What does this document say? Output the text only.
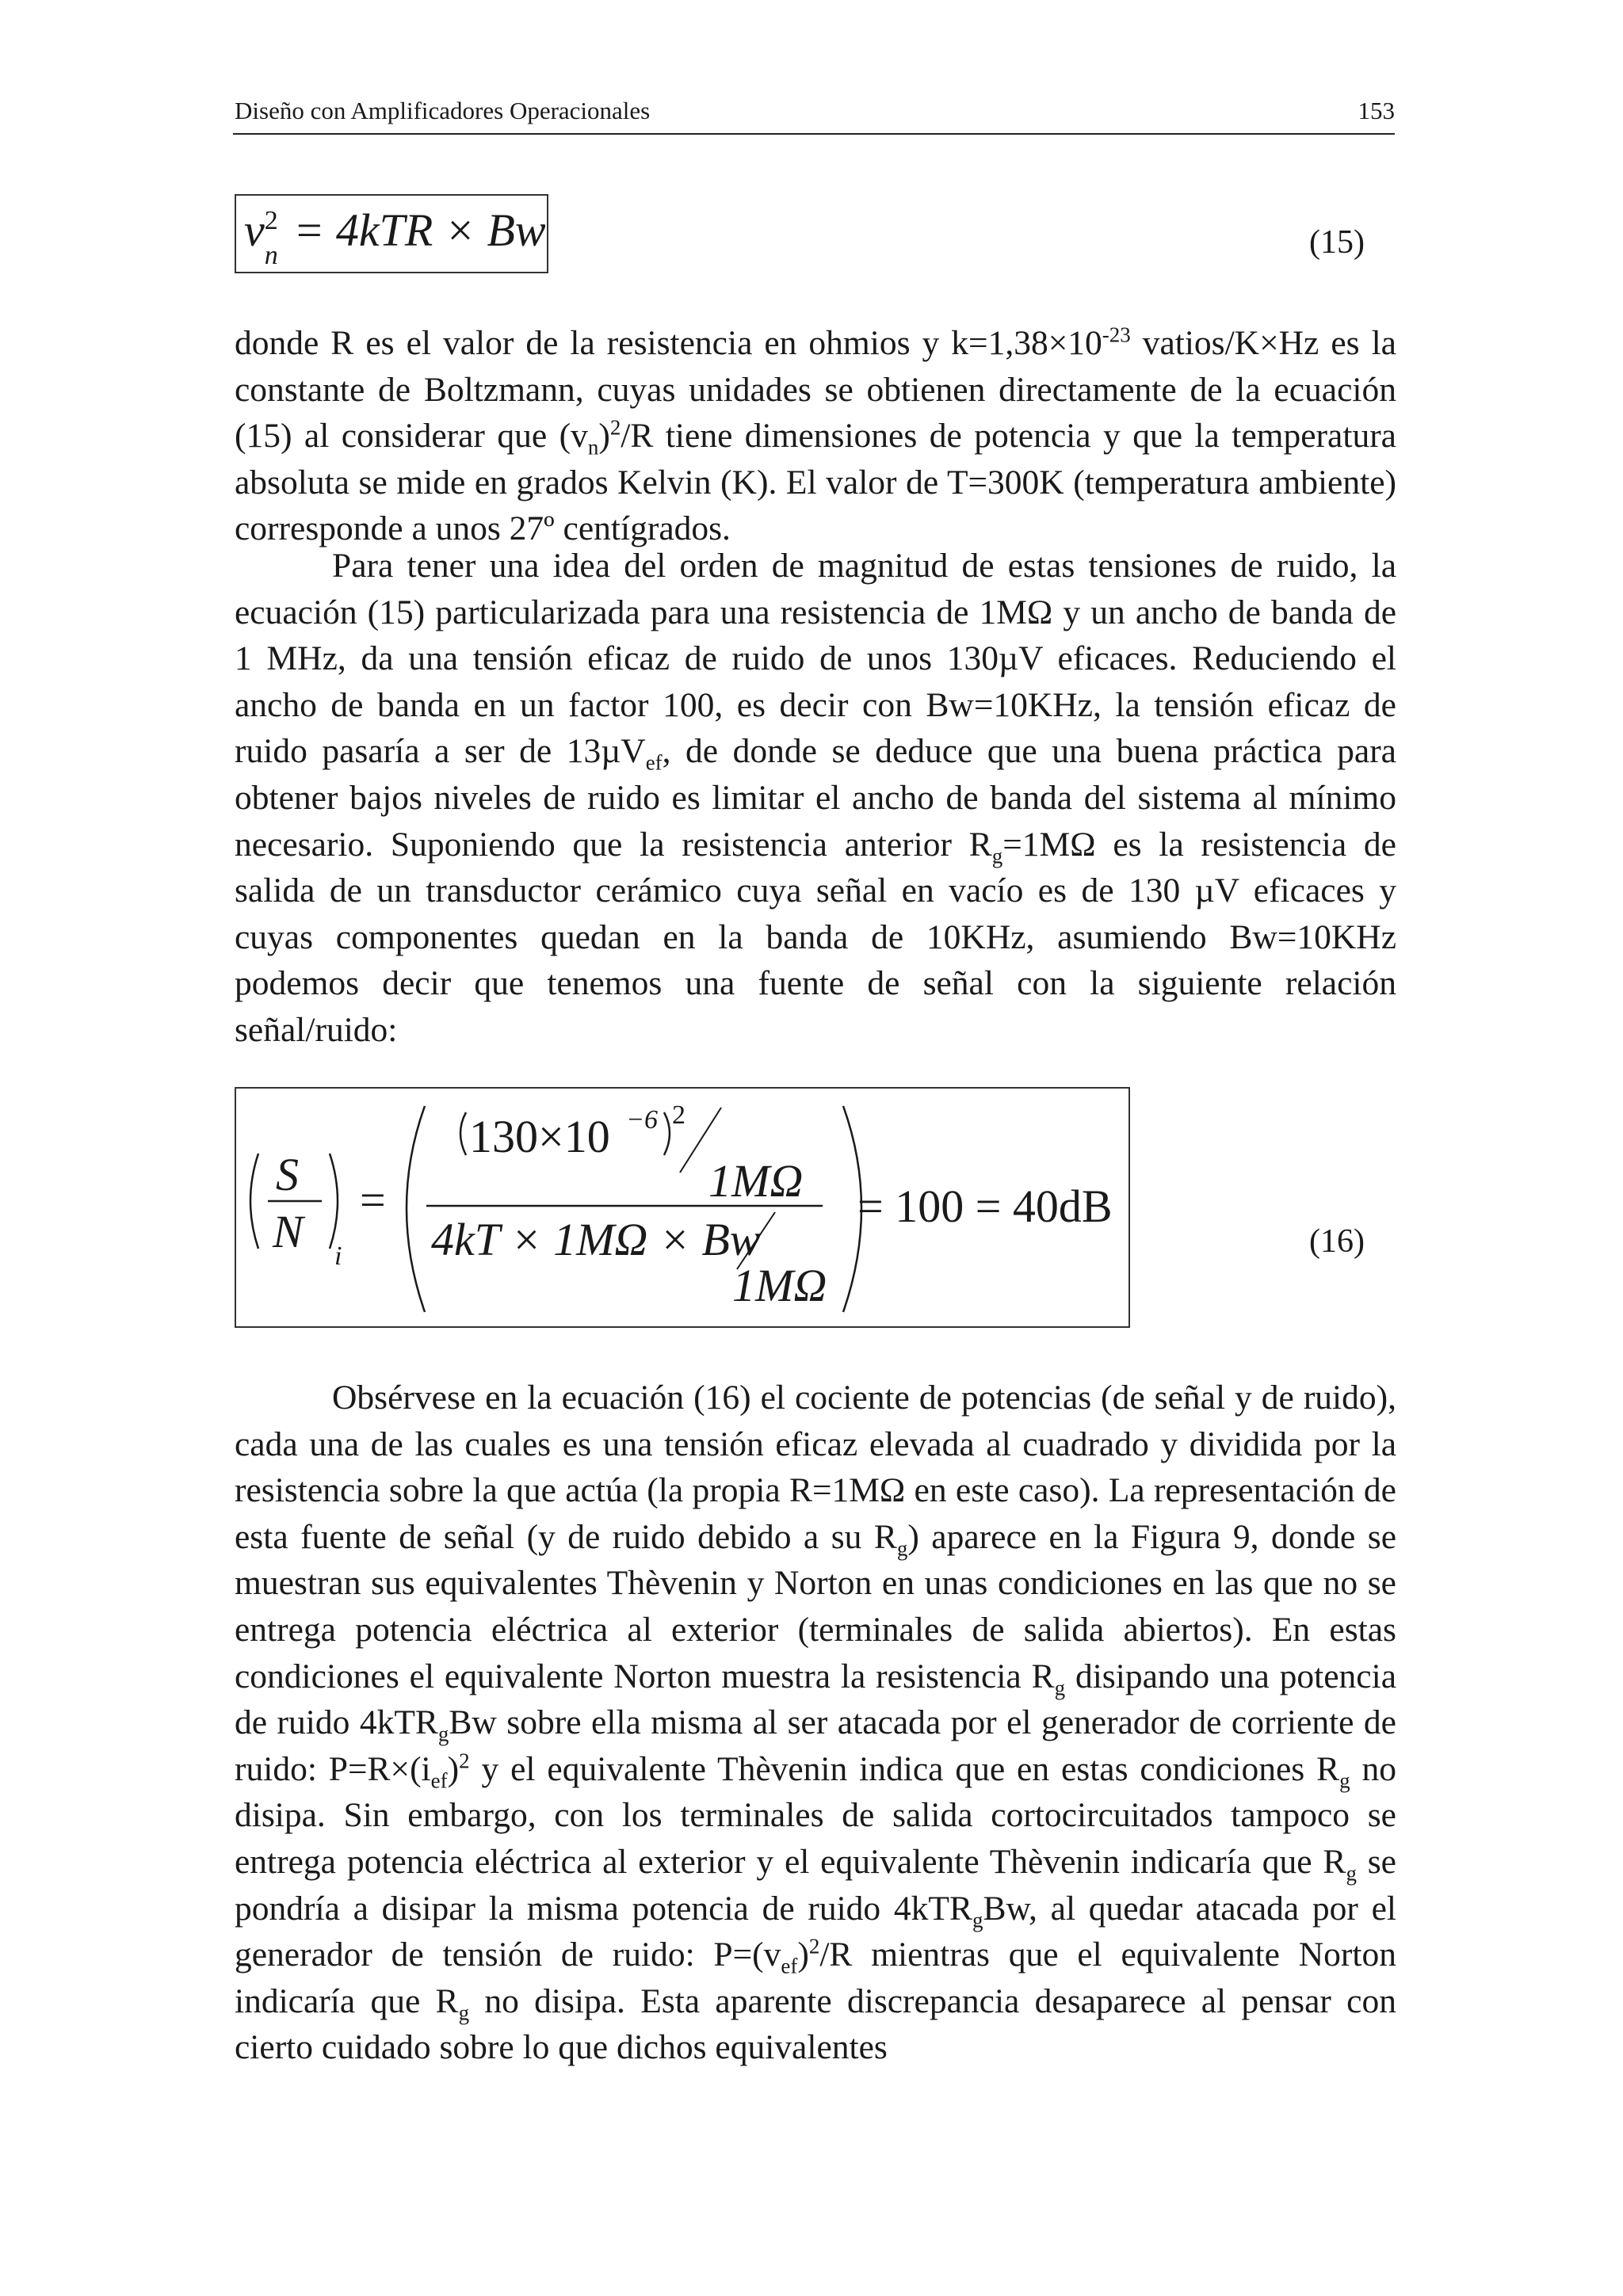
Diseño con Amplificadores Operacionales	153
v 2
n = 4kTR × Bw	(15)

donde R es el valor de la resistencia en ohmios y $k=1,38\times 10^{-23}$ vatios/K×Hz es la constante de Boltzmann, cuyas unidades se obtienen directamente de la ecuación (15) al considerar que $(v_n)^2/R$ tiene dimensiones de potencia y que la temperatura absoluta se mide en grados Kelvin (K). El valor de T=300K (temperatura ambiente) corresponde a unos 27º centígrados.

Para tener una idea del orden de magnitud de estas tensiones de ruido, la ecuación (15) particularizada para una resistencia de 1MΩ y un ancho de banda de 1 MHz, da una tensión eficaz de ruido de unos 130µV eficaces. Reduciendo el ancho de banda en un factor 100, es decir con Bw=10KHz, la tensión eficaz de ruido pasaría a ser de 13µV$_{ef}$, de donde se deduce que una buena práctica para obtener bajos niveles de ruido es limitar el ancho de banda del sistema al mínimo necesario. Suponiendo que la resistencia anterior $R_g=1M\Omega$ es la resistencia de salida de un transductor cerámico cuya señal en vacío es de 130 µV eficaces y cuyas componentes quedan en la banda de 10KHz, asumiendo Bw=10KHz podemos decir que tenemos una fuente de señal con la siguiente relación señal/ruido:

S
N i
=
130×10 −6 2
1MΩ
4kT × 1MΩ × Bw
1MΩ
= 100 = 40dB
(16)

Obsérvese en la ecuación (16) el cociente de potencias (de señal y de ruido), cada una de las cuales es una tensión eficaz elevada al cuadrado y dividida por la resistencia sobre la que actúa (la propia R=1MΩ en este caso). La representación de esta fuente de señal (y de ruido debido a su $R_g$) aparece en la Figura 9, donde se muestran sus equivalentes Thèvenin y Norton en unas condiciones en las que no se entrega potencia eléctrica al exterior (terminales de salida abiertos). En estas condiciones el equivalente Norton muestra la resistencia $R_g$ disipando una potencia de ruido 4kTR$_g$Bw sobre ella misma al ser atacada por el generador de corriente de ruido: $P=R\times(i_{ef})^2$ y el equivalente Thèvenin indica que en estas condiciones $R_g$ no disipa. Sin embargo, con los terminales de salida cortocircuitados tampoco se entrega potencia eléctrica al exterior y el equivalente Thèvenin indicaría que $R_g$ se pondría a disipar la misma potencia de ruido 4kTR$_g$Bw, al quedar atacada por el generador de tensión de ruido: $P=(v_{ef})^2/R$ mientras que el equivalente Norton indicaría que $R_g$ no disipa. Esta aparente discrepancia desaparece al pensar con cierto cuidado sobre lo que dichos equivalentes
